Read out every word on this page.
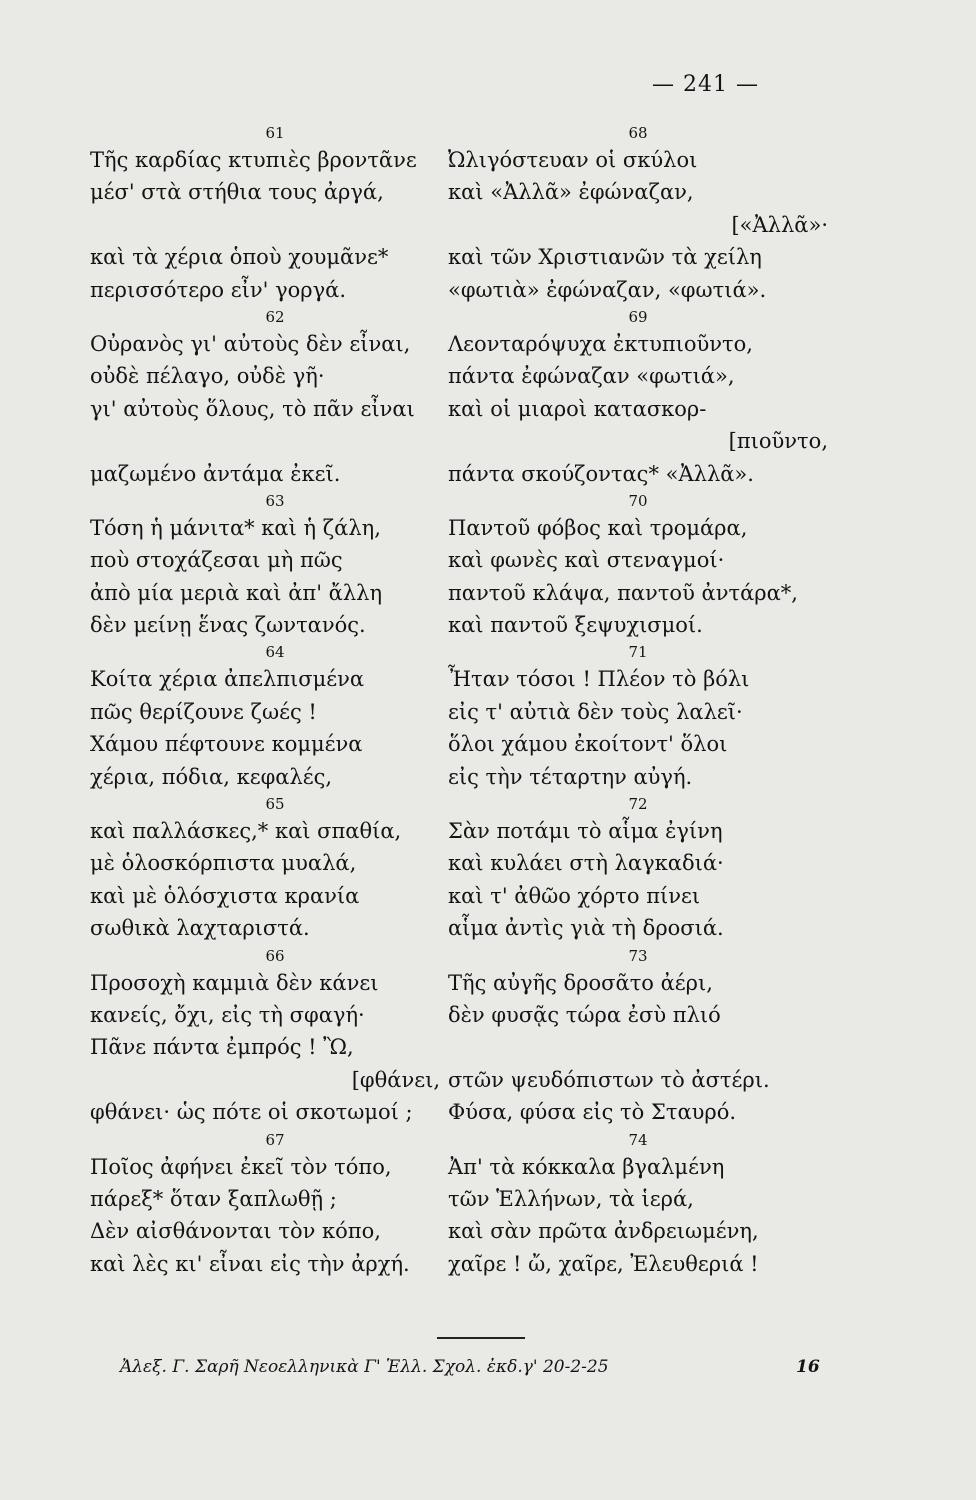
— 241 —
61
Τῆς καρδίας κτυπιὲς βροντᾶνε
μέσ' στὰ στήθια τους ἀργά,
καὶ τὰ χέρια ὁποὺ χουμᾶνε*
περισσότερο εἶν' γοργά.
62
Οὐρανὸς γι' αὐτοὺς δὲν εἶναι,
οὐδὲ πέλαγο, οὐδὲ γῆ·
γι' αὐτοὺς ὅλους, τὸ πᾶν εἶναι
μαζωμένο ἀντάμα ἐκεῖ.
63
Τόση ἡ μάνιτα* καὶ ἡ ζάλη,
ποὺ στοχάζεσαι μὴ πῶς
ἀπὸ μία μεριὰ καὶ ἀπ' ἄλλη
δὲν μείνῃ ἕνας ζωντανός.
64
Κοίτα χέρια ἀπελπισμένα
πῶς θερίζουνε ζωές !
Χάμου πέφτουνε κομμένα
χέρια, πόδια, κεφαλές,
65
καὶ παλλάσκες,* καὶ σπαθία,
μὲ ὁλοσκόρπιστα μυαλά,
καὶ μὲ ὁλόσχιστα κρανία
σωθικὰ λαχταριστά.
66
Προσοχὴ καμμιὰ δὲν κάνει
κανείς, ὄχι, εἰς τὴ σφαγή·
Πᾶνε πάντα ἐμπρός ! Ὢ,
[φθάνει,
φθάνει· ὡς πότε οἱ σκοτωμοί ;
67
Ποῖος ἀφήνει ἐκεῖ τὸν τόπο,
πάρεξ* ὅταν ξαπλωθῇ ;
Δὲν αἰσθάνονται τὸν κόπο,
καὶ λὲς κι' εἶναι εἰς τὴν ἀρχή.
68
Ὠλιγόστευαν οἱ σκύλοι
καὶ «Ἀλλᾶ» ἐφώναζαν,
[«Ἀλλᾶ»·
καὶ τῶν Χριστιανῶν τὰ χείλη
«φωτιὰ» ἐφώναζαν, «φωτιά».
69
Λεονταρόψυχα ἐκτυπιοῦντο,
πάντα ἐφώναζαν «φωτιά»,
καὶ οἱ μιαροὶ κατασκορ-
[πιοῦντο,
πάντα σκούζοντας* «Ἀλλᾶ».
70
Παντοῦ φόβος καὶ τρομάρα,
καὶ φωνὲς καὶ στεναγμοί·
παντοῦ κλάψα, παντοῦ ἀντάρα*,
καὶ παντοῦ ξεψυχισμοί.
71
Ἦταν τόσοι ! Πλέον τὸ βόλι
εἰς τ' αὐτιὰ δὲν τοὺς λαλεῖ·
ὅλοι χάμου ἐκοίτοντ' ὅλοι
εἰς τὴν τέταρτην αὐγή.
72
Σὰν ποτάμι τὸ αἷμα ἐγίνη
καὶ κυλάει στὴ λαγκαδιά·
καὶ τ' ἀθῶο χόρτο πίνει
αἷμα ἀντὶς γιὰ τὴ δροσιά.
73
Τῆς αὐγῆς δροσᾶτο ἀέρι,
δὲν φυσᾷς τώρα ἐσὺ πλιό
στῶν ψευδόπιστων τὸ ἀστέρι.
Φύσα, φύσα εἰς τὸ Σταυρό.
74
Ἀπ' τὰ κόκκαλα βγαλμένη
τῶν Ἑλλήνων, τὰ ἱερά,
καὶ σὰν πρῶτα ἀνδρειωμένη,
χαῖρε ! ὤ, χαῖρε, Ἐλευθεριά !
Ἀλεξ. Γ. Σαρῆ Νεοελληνικὰ Γ' Ἑλλ. Σχολ. ἐκδ.γ' 20-2-25	16
